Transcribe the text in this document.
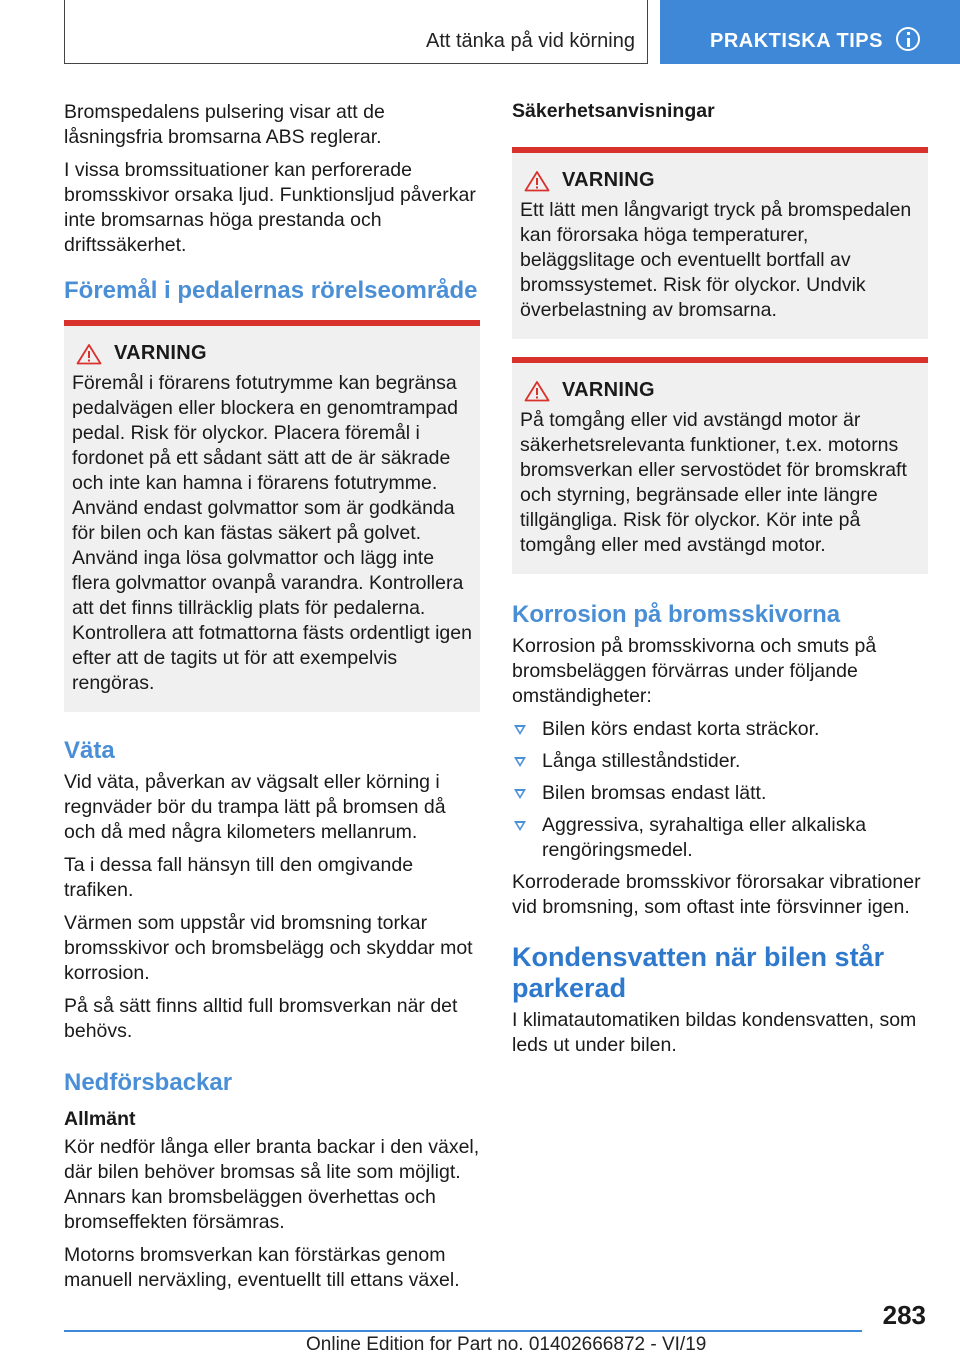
Att tänka på vid körning	PRAKTISKA TIPS

Bromspedalens pulsering visar att de låsningsfria bromsarna ABS reglerar.

I vissa bromssituationer kan perforerade bromsskivor orsaka ljud. Funktionsljud påverkar inte bromsarnas höga prestanda och driftssäkerhet.

Föremål i pedalernas rörelseområde
VARNING

Föremål i förarens fotutrymme kan begränsa pedalvägen eller blockera en genomtrampad pedal. Risk för olyckor. Placera föremål i fordonet på ett sådant sätt att de är säkrade och inte kan hamna i förarens fotutrymme. Använd endast golvmattor som är godkända för bilen och kan fästas säkert på golvet. Använd inga lösa golvmattor och lägg inte flera golvmattor ovanpå varandra. Kontrollera att det finns tillräcklig plats för pedalerna. Kontrollera att fotmattorna fästs ordentligt igen efter att de tagits ut för att exempelvis rengöras.

Väta

Vid väta, påverkan av vägsalt eller körning i regnväder bör du trampa lätt på bromsen då och då med några kilometers mellanrum.

Ta i dessa fall hänsyn till den omgivande trafiken.

Värmen som uppstår vid bromsning torkar bromsskivor och bromsbelägg och skyddar mot korrosion.

På så sätt finns alltid full bromsverkan när det behövs.

Nedförsbackar
Allmänt

Kör nedför långa eller branta backar i den växel, där bilen behöver bromsas så lite som möjligt. Annars kan bromsbeläggen överhettas och bromseffekten försämras.

Motorns bromsverkan kan förstärkas genom manuell nerväxling, eventuellt till ettans växel.

Säkerhetsanvisningar
VARNING

Ett lätt men långvarigt tryck på bromspedalen kan förorsaka höga temperaturer, beläggslitage och eventuellt bortfall av bromssystemet. Risk för olyckor. Undvik överbelastning av bromsarna.

VARNING

På tomgång eller vid avstängd motor är säkerhetsrelevanta funktioner, t.ex. motorns bromsverkan eller servostödet för bromskraft och styrning, begränsade eller inte längre tillgängliga. Risk för olyckor. Kör inte på tomgång eller med avstängd motor.

Korrosion på bromsskivorna

Korrosion på bromsskivorna och smuts på bromsbeläggen förvärras under följande omständigheter:

Bilen körs endast korta sträckor.
Långa stilleståndstider.
Bilen bromsas endast lätt.
Aggressiva, syrahaltiga eller alkaliska rengöringsmedel.

Korroderade bromsskivor förorsakar vibrationer vid bromsning, som oftast inte försvinner igen.

Kondensvatten när bilen står parkerad

I klimatautomatiken bildas kondensvatten, som leds ut under bilen.

283
Online Edition for Part no. 01402666872 - VI/19
